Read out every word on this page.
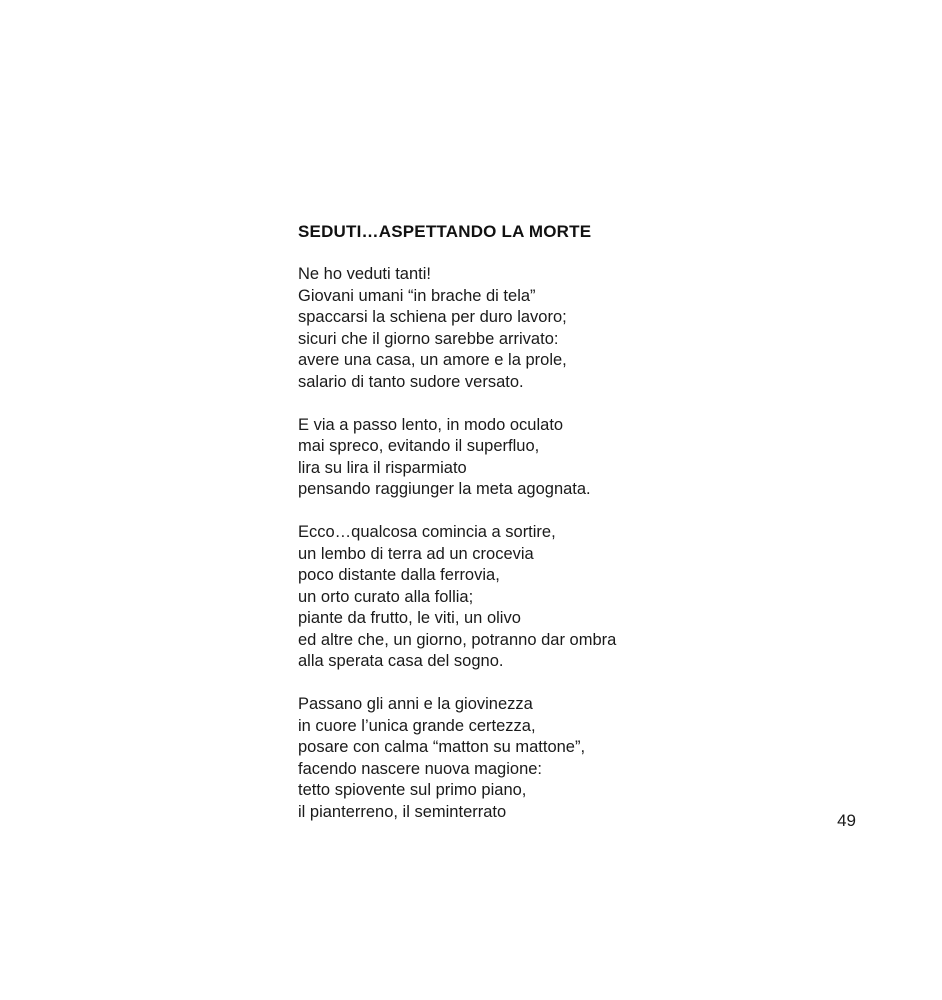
SEDUTI…ASPETTANDO LA MORTE
Ne ho veduti tanti!
Giovani umani “in brache di tela”
spaccarsi la schiena per duro lavoro;
sicuri che il giorno sarebbe arrivato:
avere una casa, un amore e la prole,
salario di tanto sudore versato.
E via a passo lento, in modo oculato
mai spreco, evitando il superfluo,
lira su lira il risparmiato
pensando raggiunger la meta agognata.
Ecco…qualcosa comincia a sortire,
un lembo di terra ad un crocevia
poco distante dalla ferrovia,
un orto curato alla follia;
piante da frutto, le viti, un olivo
ed altre che, un giorno, potranno dar ombra
alla sperata casa del sogno.
Passano gli anni e la giovinezza
in cuore l’unica grande certezza,
posare con calma “matton su mattone”,
facendo nascere nuova magione:
tetto spiovente sul primo piano,
il pianterreno, il seminterrato	49
